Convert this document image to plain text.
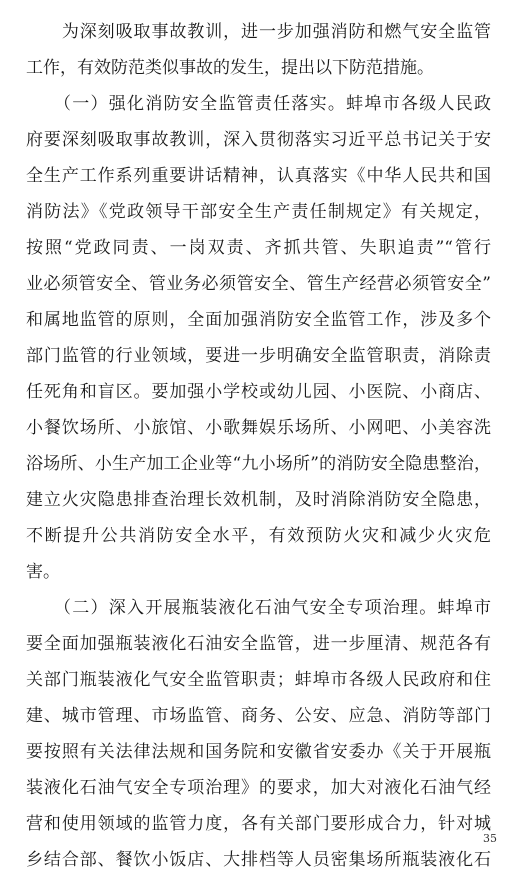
　　为深刻吸取事故教训，进一步加强消防和燃气安全监管
工作，有效防范类似事故的发生，提出以下防范措施。
　　（一）强化消防安全监管责任落实。蚌埠市各级人民政
府要深刻吸取事故教训，深入贯彻落实习近平总书记关于安
全生产工作系列重要讲话精神，认真落实《中华人民共和国
消防法》《党政领导干部安全生产责任制规定》有关规定，
按照“党政同责、一岗双责、齐抓共管、失职追责”“管行
业必须管安全、管业务必须管安全、管生产经营必须管安全”
和属地监管的原则，全面加强消防安全监管工作，涉及多个
部门监管的行业领域，要进一步明确安全监管职责，消除责
任死角和盲区。要加强小学校或幼儿园、小医院、小商店、
小餐饮场所、小旅馆、小歌舞娱乐场所、小网吧、小美容洗
浴场所、小生产加工企业等“九小场所”的消防安全隐患整治，
建立火灾隐患排查治理长效机制，及时消除消防安全隐患，
不断提升公共消防安全水平，有效预防火灾和减少火灾危
害。
　　（二）深入开展瓶装液化石油气安全专项治理。蚌埠市
要全面加强瓶装液化石油安全监管，进一步厘清、规范各有
关部门瓶装液化气安全监管职责；蚌埠市各级人民政府和住
建、城市管理、市场监管、商务、公安、应急、消防等部门
要按照有关法律法规和国务院和安徽省安委办《关于开展瓶
装液化石油气安全专项治理》的要求，加大对液化石油气经
营和使用领域的监管力度，各有关部门要形成合力，针对城
乡结合部、餐饮小饭店、大排档等人员密集场所瓶装液化石
35
